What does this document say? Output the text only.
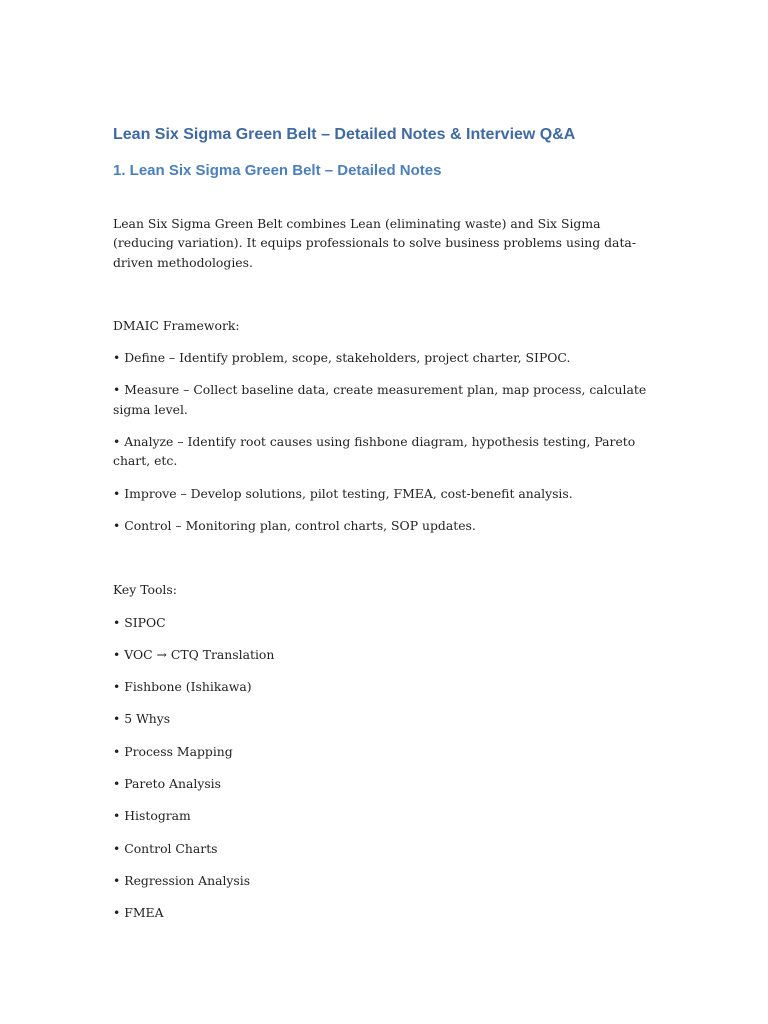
Lean Six Sigma Green Belt – Detailed Notes & Interview Q&A
1. Lean Six Sigma Green Belt – Detailed Notes

Lean Six Sigma Green Belt combines Lean (eliminating waste) and Six Sigma (reducing variation). It equips professionals to solve business problems using data-driven methodologies.

DMAIC Framework:

• Define – Identify problem, scope, stakeholders, project charter, SIPOC.

• Measure – Collect baseline data, create measurement plan, map process, calculate sigma level.

• Analyze – Identify root causes using fishbone diagram, hypothesis testing, Pareto chart, etc.

• Improve – Develop solutions, pilot testing, FMEA, cost-benefit analysis.

• Control – Monitoring plan, control charts, SOP updates.

Key Tools:

• SIPOC

• VOC → CTQ Translation

• Fishbone (Ishikawa)

• 5 Whys

• Process Mapping

• Pareto Analysis

• Histogram

• Control Charts

• Regression Analysis

• FMEA
